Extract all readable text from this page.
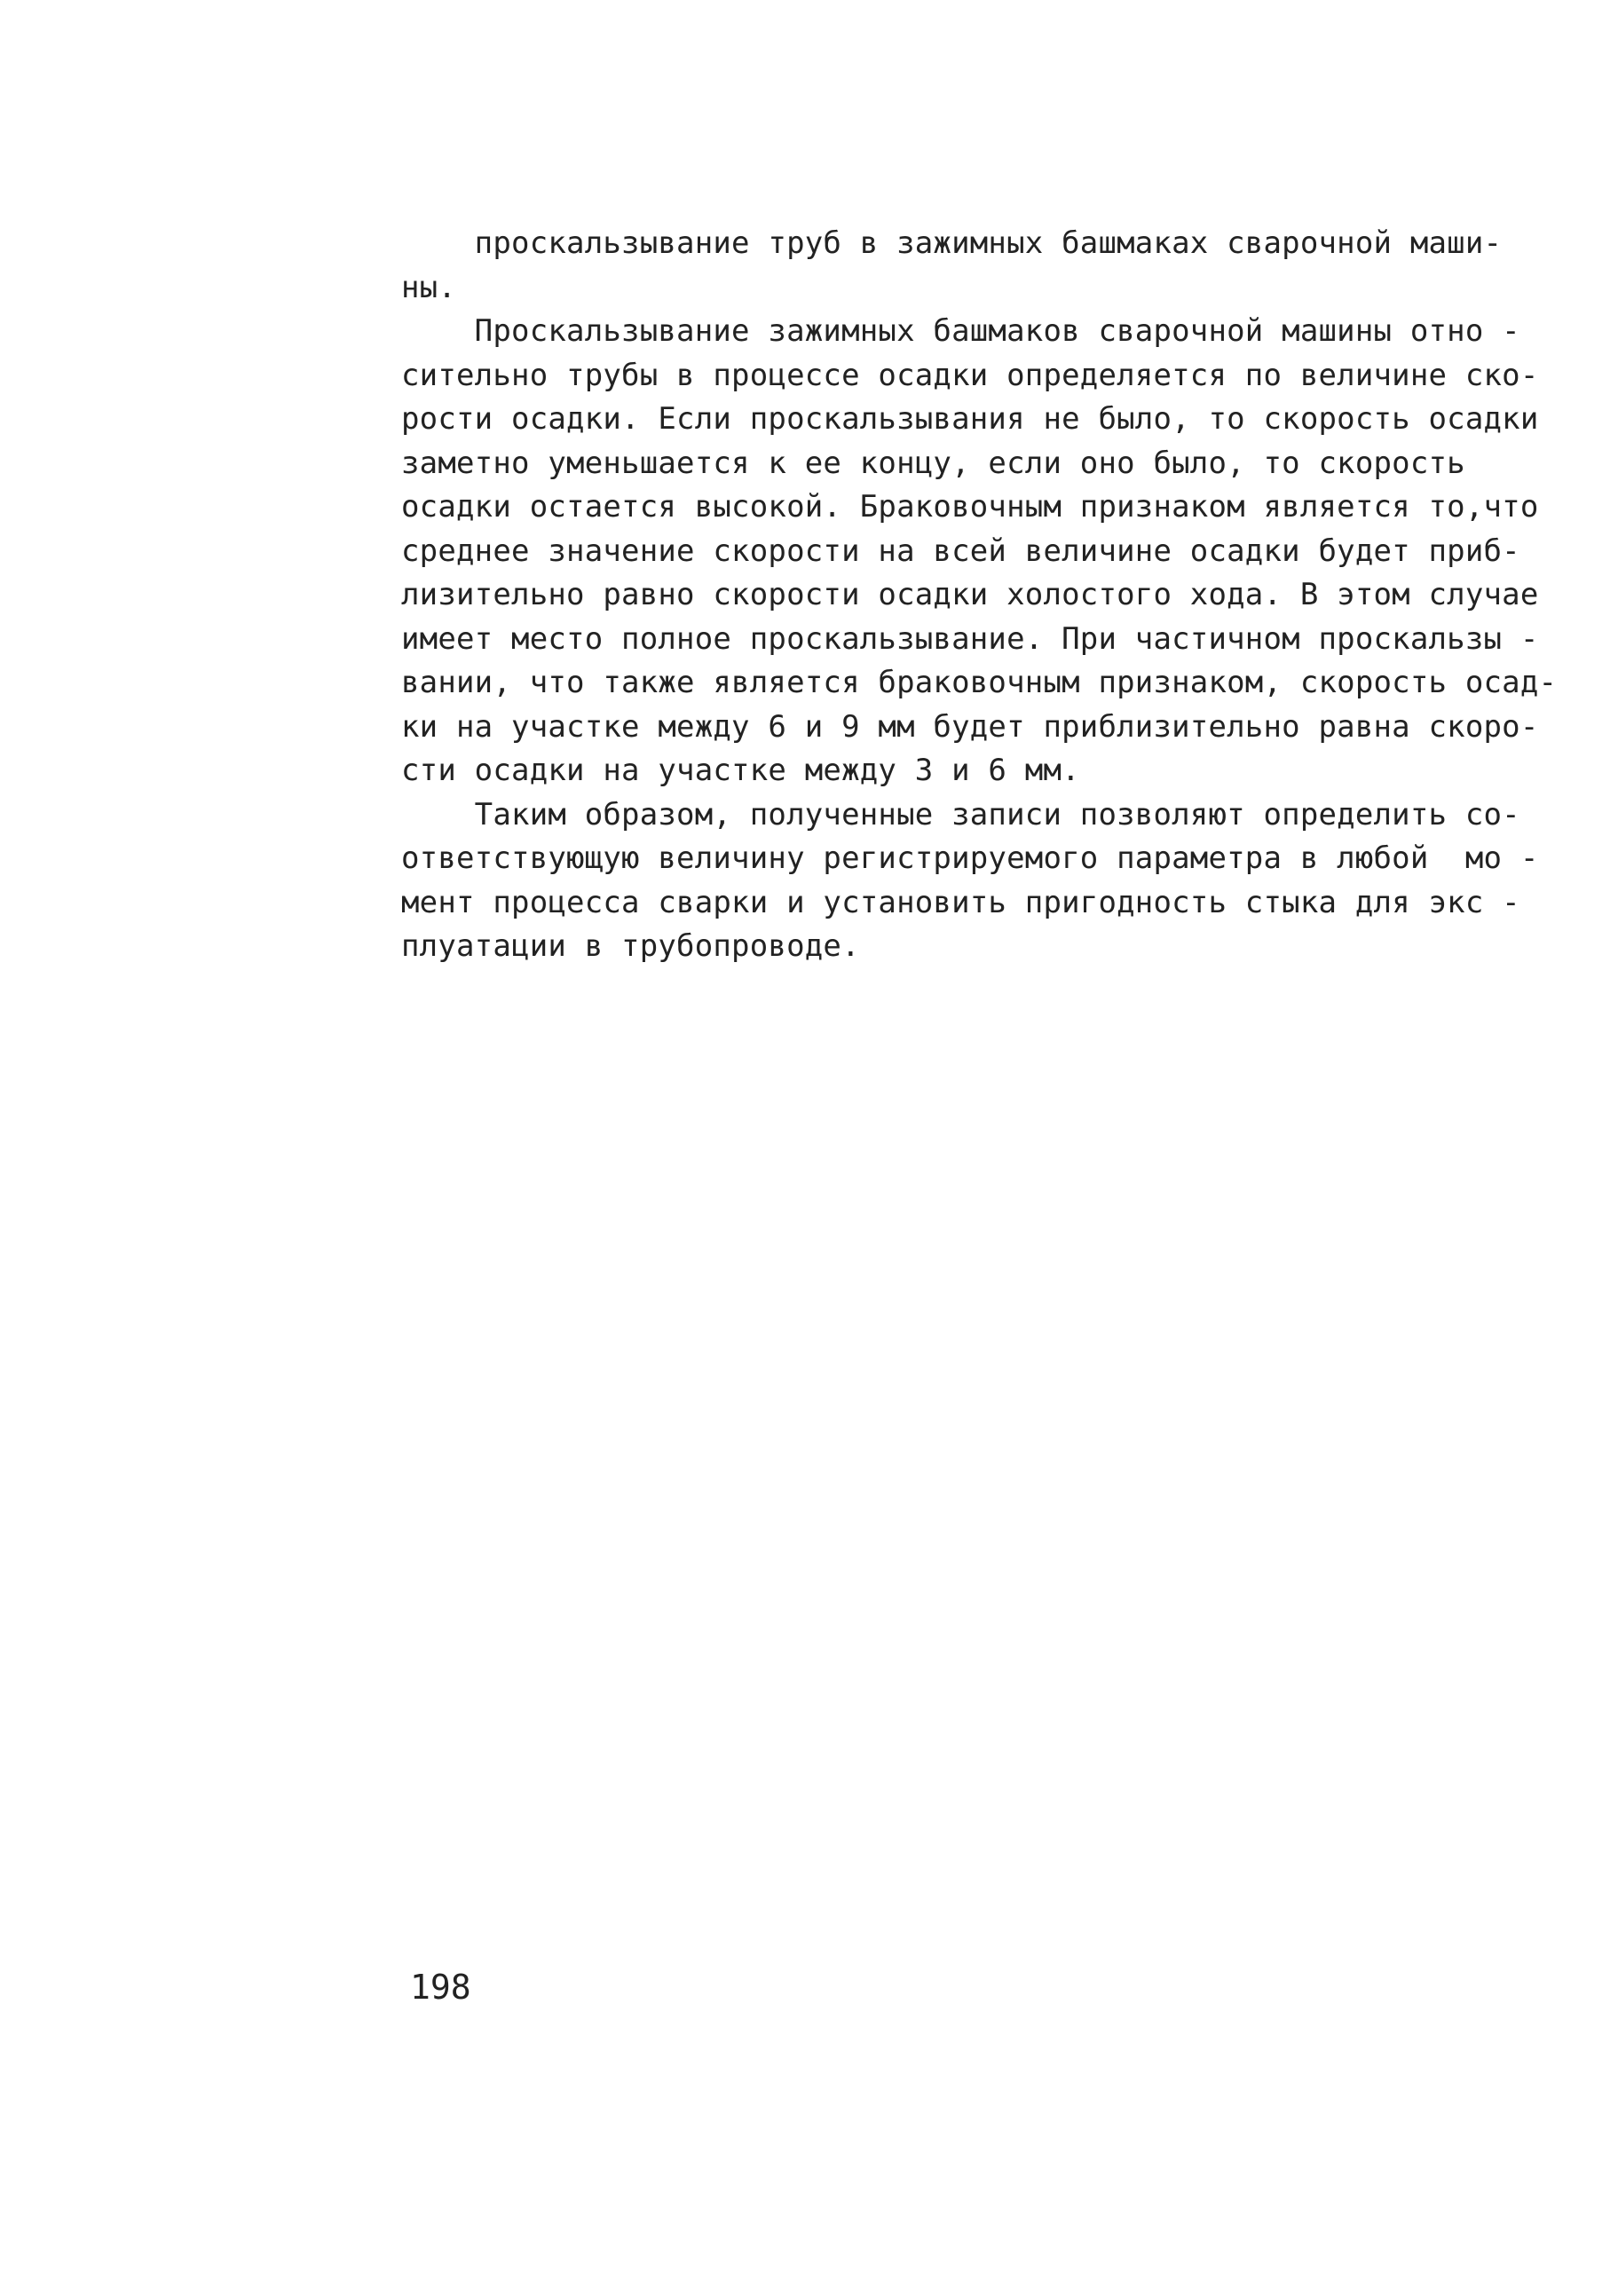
проскальзывание труб в зажимных башмаках сварочной маши-
ны.
Проскальзывание зажимных башмаков сварочной машины отно -
сительно трубы в процессе осадки определяется по величине ско-
рости осадки. Если проскальзывания не было, то скорость осадки
заметно уменьшается к ее концу, если оно было, то скорость
осадки остается высокой. Браковочным признаком является то,что
среднее значение скорости на всей величине осадки будет приб-
лизительно равно скорости осадки холостого хода. В этом случае
имеет место полное проскальзывание. При частичном проскальзы -
вании, что также является браковочным признаком, скорость осад-
ки на участке между 6 и 9 мм будет приблизительно равна скоро-
сти осадки на участке между 3 и 6 мм.
Таким образом, полученные записи позволяют определить со-
ответствующую величину регистрируемого параметра в любой  мо -
мент процесса сварки и установить пригодность стыка для экс -
плуатации в трубопроводе.
198
